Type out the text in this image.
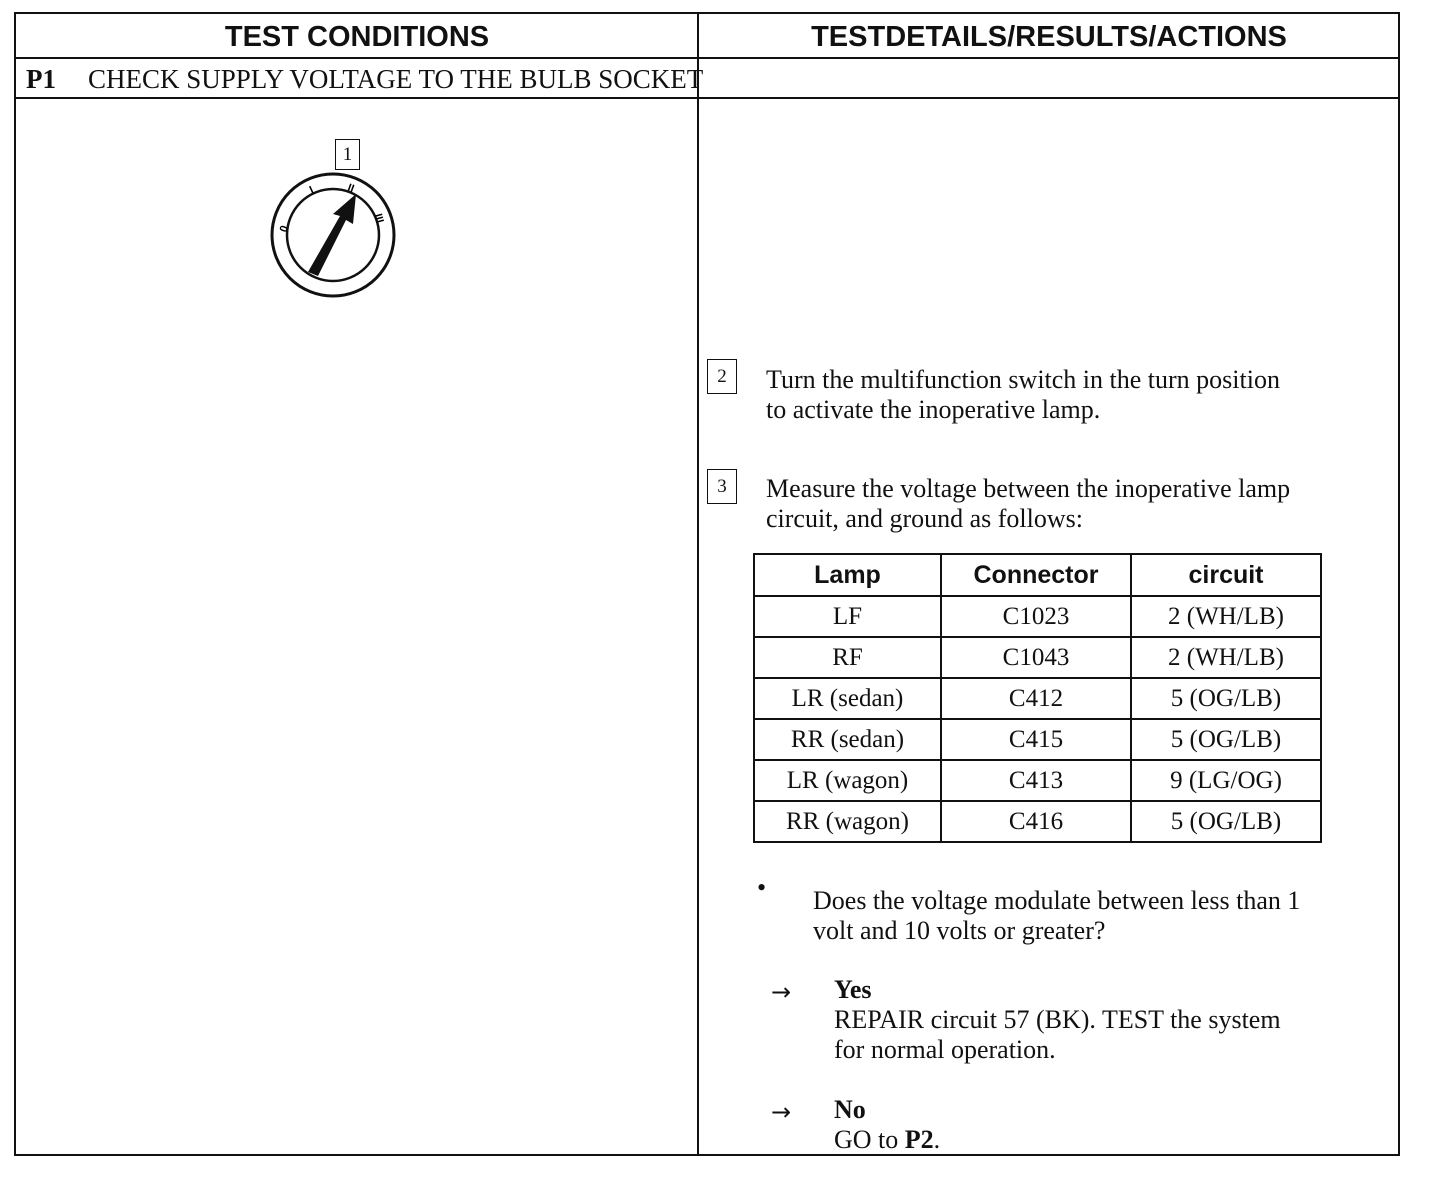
TEST CONDITIONS	TESTDETAILS/RESULTS/ACTIONS
P1 CHECK SUPPLY VOLTAGE TO THE BULB SOCKET
1
0
I	II
III
2	Turn the multifunction switch in the turn position
to activate the inoperative lamp.
3	Measure the voltage between the inoperative lamp
circuit, and ground as follows:
Lamp	Connector	circuit
LF	C1023	2 (WH/LB)
RF	C1043	2 (WH/LB)
LR (sedan)	C412	5 (OG/LB)
RR (sedan)	C415	5 (OG/LB)
LR (wagon)	C413	9 (LG/OG)
RR (wagon)	C416	5 (OG/LB)
• Does the voltage modulate between less than 1
volt and 10 volts or greater?
→ Yes
REPAIR circuit 57 (BK). TEST the system
for normal operation.
→ No
GO to P2.
